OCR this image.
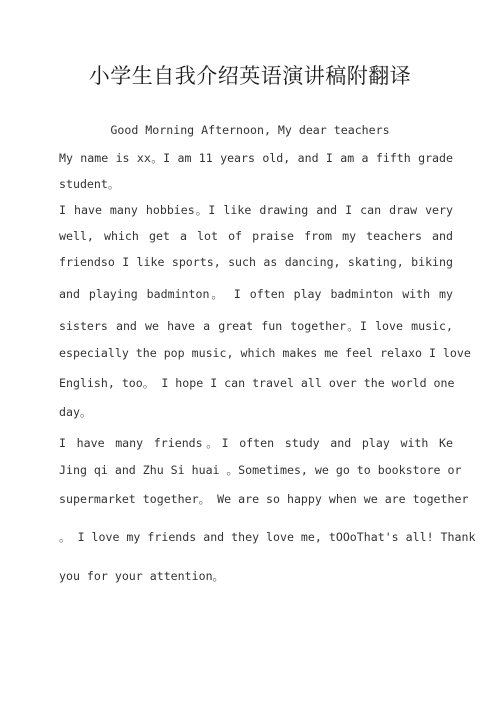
小学生自我介绍英语演讲稿附翻译
Good Morning Afternoon, My dear teachers
My name is xx。I am 11 years old, and I am a fifth grade
student。
I have many hobbies。I like drawing and I can draw very
well, which get a lot of praise from my teachers and
friendso I like sports, such as dancing, skating, biking
and playing badminton。 I often play badminton with my
sisters and we have a great fun together。I love music,
especially the pop music, which makes me feel relaxo I love
English, too。 I hope I can travel all over the world one
day。
I have many friends。I often study and play with Ke
Jing qi and Zhu Si huai 。Sometimes, we go to bookstore or
supermarket together。 We are so happy when we are together
。 I love my friends and they love me, tOOoThat's all! Thank
you for your attention。
